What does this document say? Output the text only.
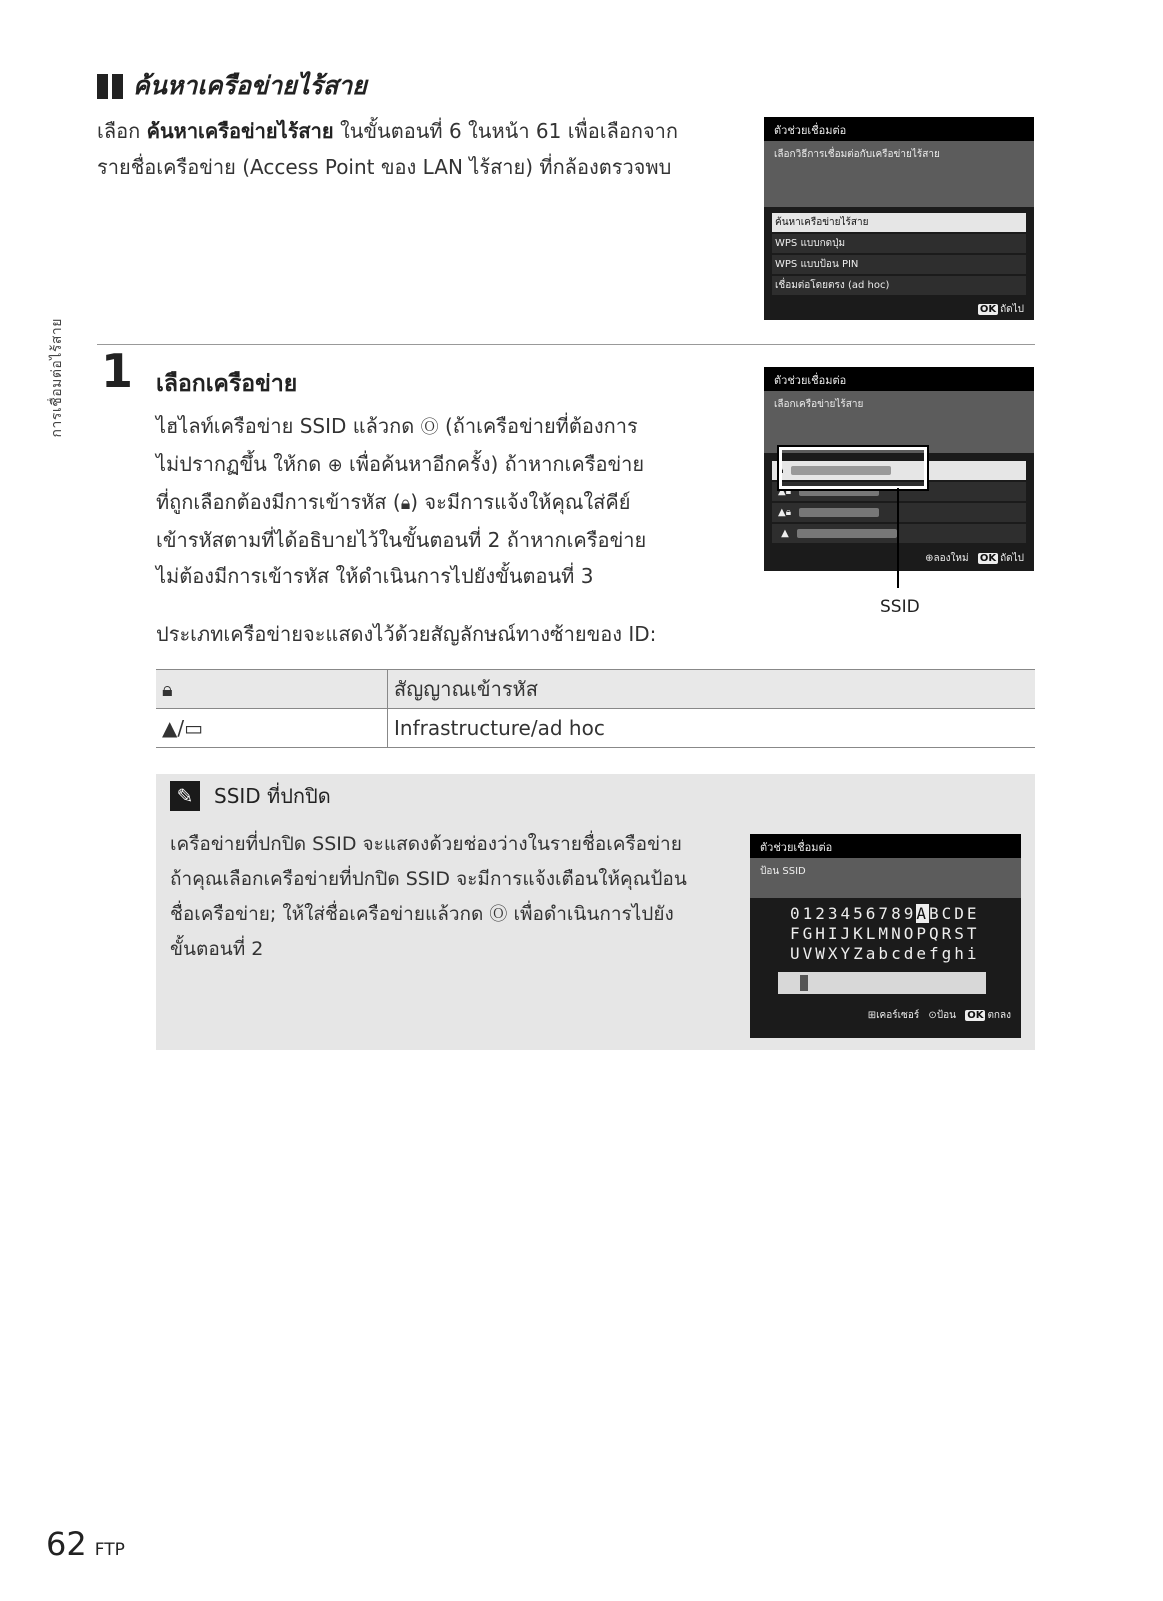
ค้นหาเครือข่ายไร้สาย
เลือก ค้นหาเครือข่ายไร้สาย ในขั้นตอนที่ 6 ในหน้า 61 เพื่อเลือกจาก
รายชื่อเครือข่าย (Access Point ของ LAN ไร้สาย) ที่กล้องตรวจพบ
ตัวช่วยเชื่อมต่อ
เลือกวิธีการเชื่อมต่อกับเครือข่ายไร้สาย
ค้นหาเครือข่ายไร้สาย
WPS แบบกดปุ่ม
WPS แบบป้อน PIN
เชื่อมต่อโดยตรง (ad hoc)
OK ถัดไป
การเชื่อมต่อไร้สาย 1 เลือกเครือข่าย
ไฮไลท์เครือข่าย SSID แล้วกด Ⓞ (ถ้าเครือข่ายที่ต้องการ
ไม่ปรากฏขึ้น ให้กด ⊕ เพื่อค้นหาอีกครั้ง) ถ้าหากเครือข่าย
ที่ถูกเลือกต้องมีการเข้ารหัส (🔒︎) จะมีการแจ้งให้คุณใส่คีย์
เข้ารหัสตามที่ได้อธิบายไว้ในขั้นตอนที่ 2 ถ้าหากเครือข่าย
ไม่ต้องมีการเข้ารหัส ให้ดำเนินการไปยังขั้นตอนที่ 3
ประเภทเครือข่ายจะแสดงไว้ด้วยสัญลักษณ์ทางซ้ายของ ID:
ตัวช่วยเชื่อมต่อ
เลือกเครือข่ายไร้สาย
🔒︎
▲🔒︎
▲🔒︎
▲
⊕ลองใหม่ OK ถัดไป
SSID
🔒︎	สัญญาณเข้ารหัส
▲/▭	Infrastructure/ad hoc
✎	SSID ที่ปกปิด
เครือข่ายที่ปกปิด SSID จะแสดงด้วยช่องว่างในรายชื่อเครือข่าย
ถ้าคุณเลือกเครือข่ายที่ปกปิด SSID จะมีการแจ้งเตือนให้คุณป้อน
ชื่อเครือข่าย; ให้ใส่ชื่อเครือข่ายแล้วกด Ⓞ เพื่อดำเนินการไปยัง
ขั้นตอนที่ 2
ตัวช่วยเชื่อมต่อ
ป้อน SSID
0123456789ABCDE
FGHIJKLMNOPQRST
UVWXYZabcdefghi
⊞เคอร์เซอร์ ⊙ป้อน OK ตกลง
62 FTP
